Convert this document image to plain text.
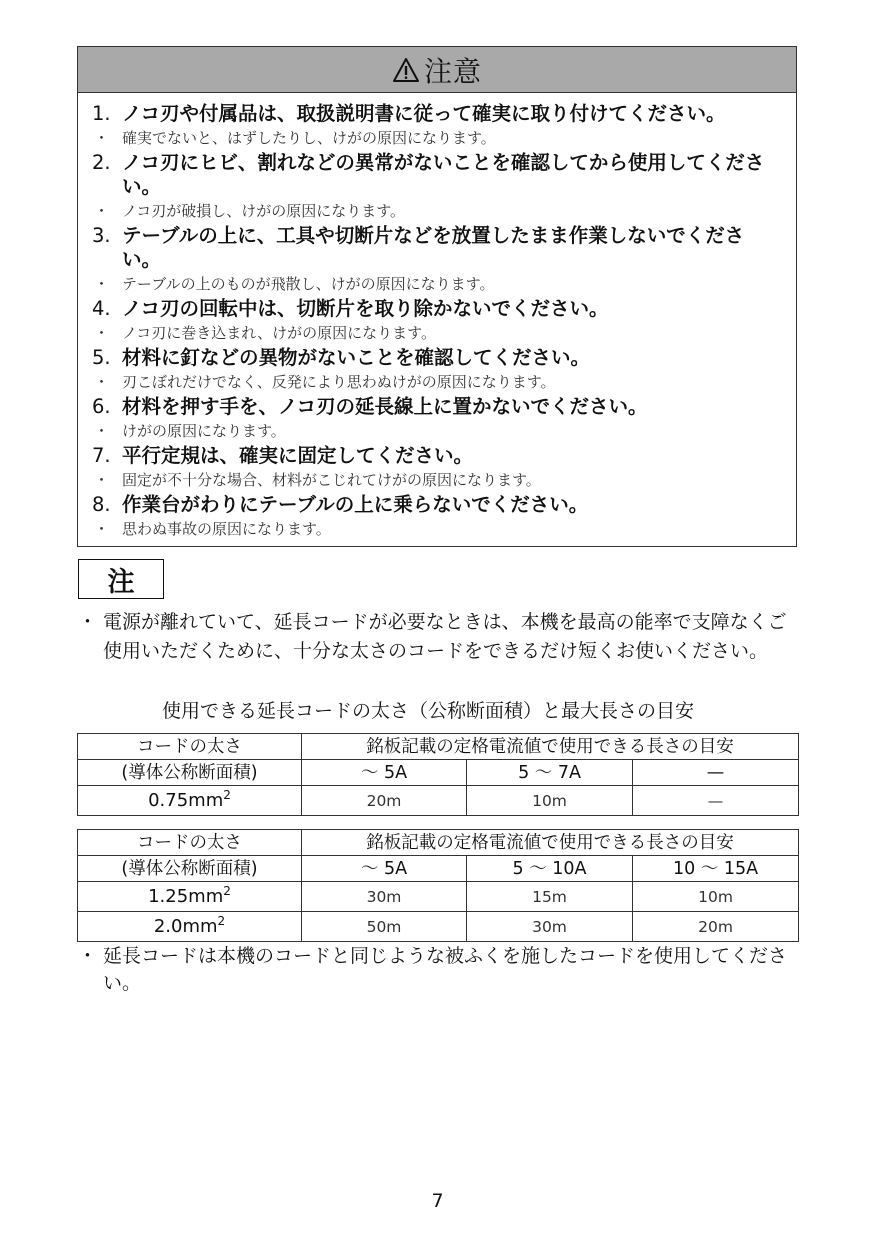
注意
1. ノコ刃や付属品は、取扱説明書に従って確実に取り付けてください。
・ 確実でないと、はずしたりし、けがの原因になります。
2. ノコ刃にヒビ、割れなどの異常がないことを確認してから使用してください。
・ ノコ刃が破損し、けがの原因になります。
3. テーブルの上に、工具や切断片などを放置したまま作業しないでください。
・ テーブルの上のものが飛散し、けがの原因になります。
4. ノコ刃の回転中は、切断片を取り除かないでください。
・ ノコ刃に巻き込まれ、けがの原因になります。
5. 材料に釘などの異物がないことを確認してください。
・ 刃こぼれだけでなく、反発により思わぬけがの原因になります。
6. 材料を押す手を、ノコ刃の延長線上に置かないでください。
・ けがの原因になります。
7. 平行定規は、確実に固定してください。
・ 固定が不十分な場合、材料がこじれてけがの原因になります。
8. 作業台がわりにテーブルの上に乗らないでください。
・ 思わぬ事故の原因になります。
注
・ 電源が離れていて、延長コードが必要なときは、本機を最高の能率で支障なくご使用いただくために、十分な太さのコードをできるだけ短くお使いください。
使用できる延長コードの太さ（公称断面積）と最大長さの目安
コードの太さ	銘板記載の定格電流値で使用できる長さの目安		
(導体公称断面積)	～ 5A	5 ～ 7A	—
$0.75mm^2$	20m	10m	—
コードの太さ	銘板記載の定格電流値で使用できる長さの目安		
(導体公称断面積)	～ 5A	5 ～ 10A	10 ～ 15A
$1.25mm^2$	30m	15m	10m
$2.0mm^2$	50m	30m	20m
・ 延長コードは本機のコードと同じような被ふくを施したコードを使用してください。
7
